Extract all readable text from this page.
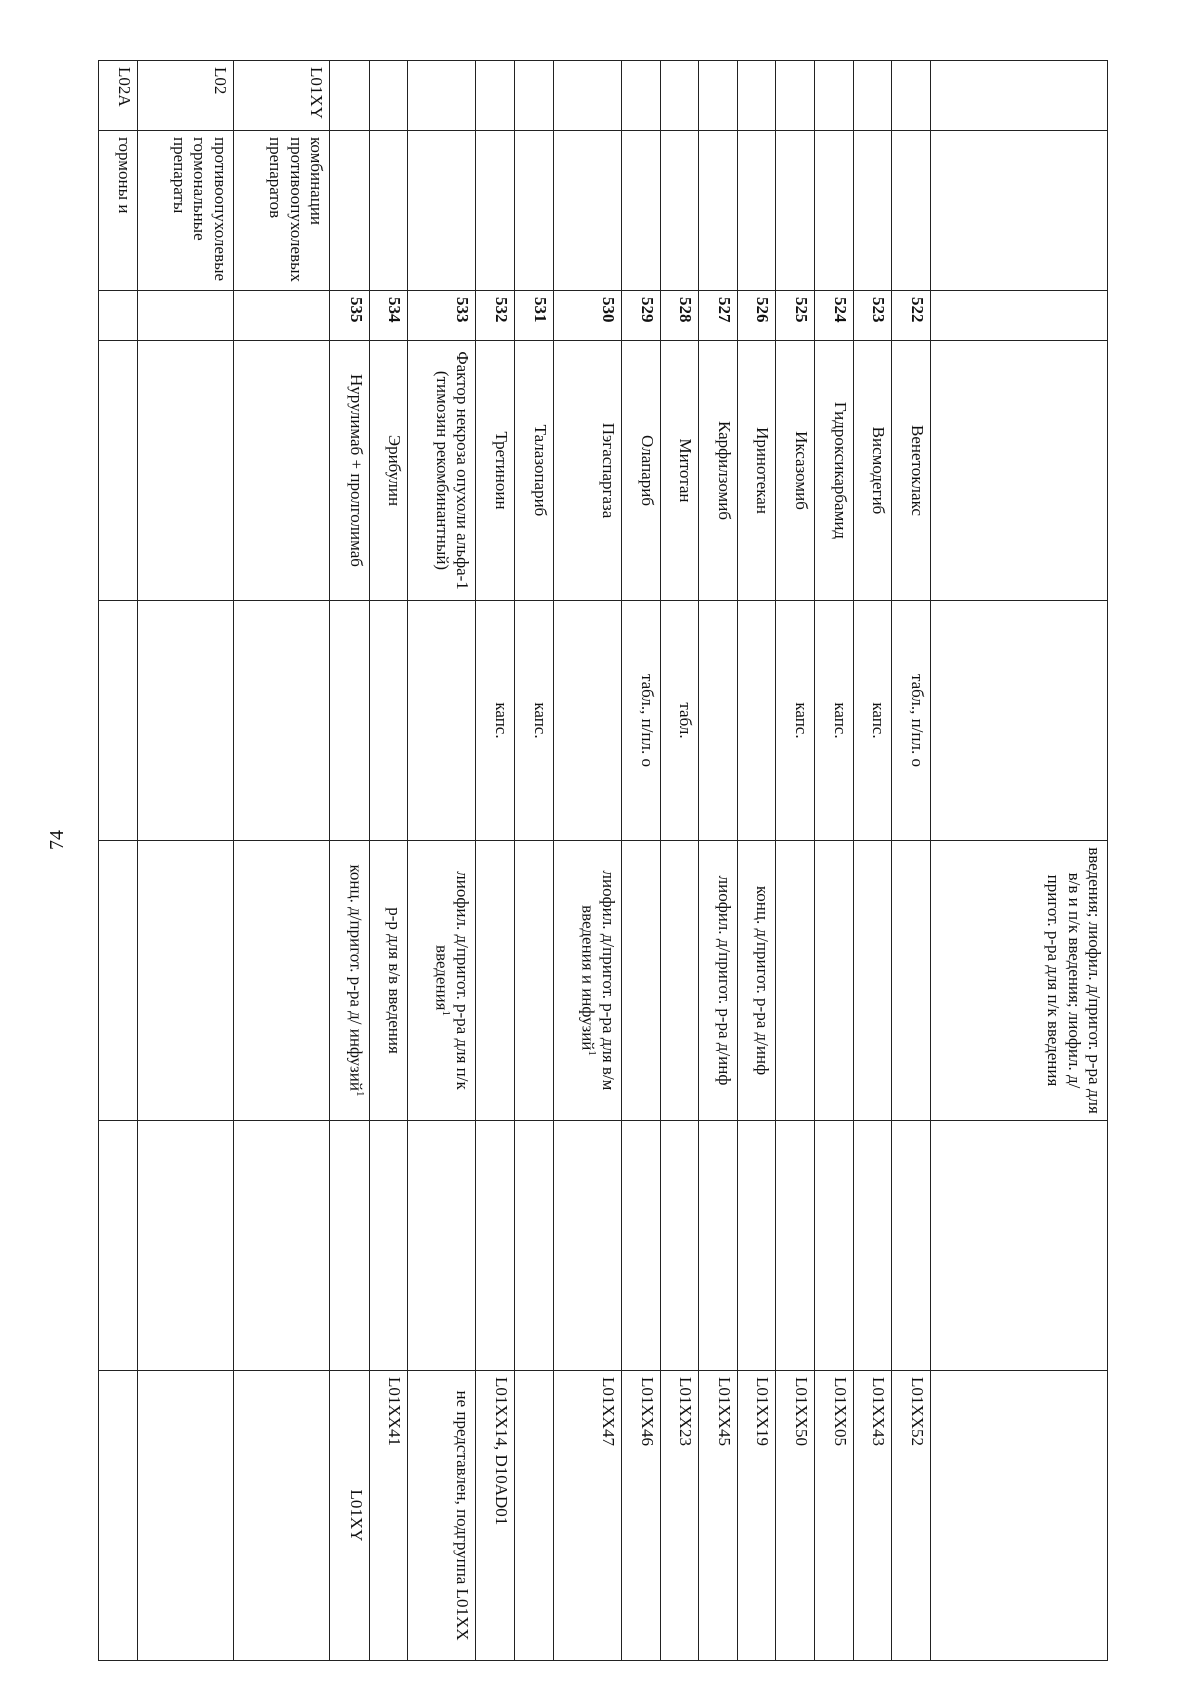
74
					введения; лиофил. д/пригот. р-ра для в/в и п/к введения; лиофил. д/пригот. р-ра для п/к введения		
		522	Венетоклакс	табл., п/пл. о			L01XX52
		523	Висмодегиб	капс.			L01XX43
		524	Гидроксикарбамид	капс.			L01XX05
		525	Иксазомиб	капс.			L01XX50
		526	Иринотекан		конц. д/пригот. р-ра д/инф		L01XX19
		527	Карфилзомиб		лиофил. д/пригот. р-ра д/инф		L01XX45
		528	Митотан	табл.			L01XX23
		529	Олапариб	табл., п/пл. о			L01XX46
		530	Пэгаспаргаза		лиофил. д/пригот. р-ра для в/м введения и инфузий$^1$		L01XX47
		531	Талазопариб	капс.			
		532	Третиноин	капс.			L01XX14, D10AD01
		533	Фактор некроза опухоли альфа-1 (тимозин рекомбинантный)		лиофил. д/пригот. р-ра для п/к введения$^1$		не представлен, подгруппа L01XX
		534	Эрибулин		р-р для в/в введения		L01XX41
		535	Нурулимаб + пролголимаб		конц. д/пригот. р-ра д/ инфузий$^1$		L01XY
L01XY	комбинации противоопухолевых препаратов						
L02	противоопухолевые гормональные препараты						
L02A	гормоны и						
